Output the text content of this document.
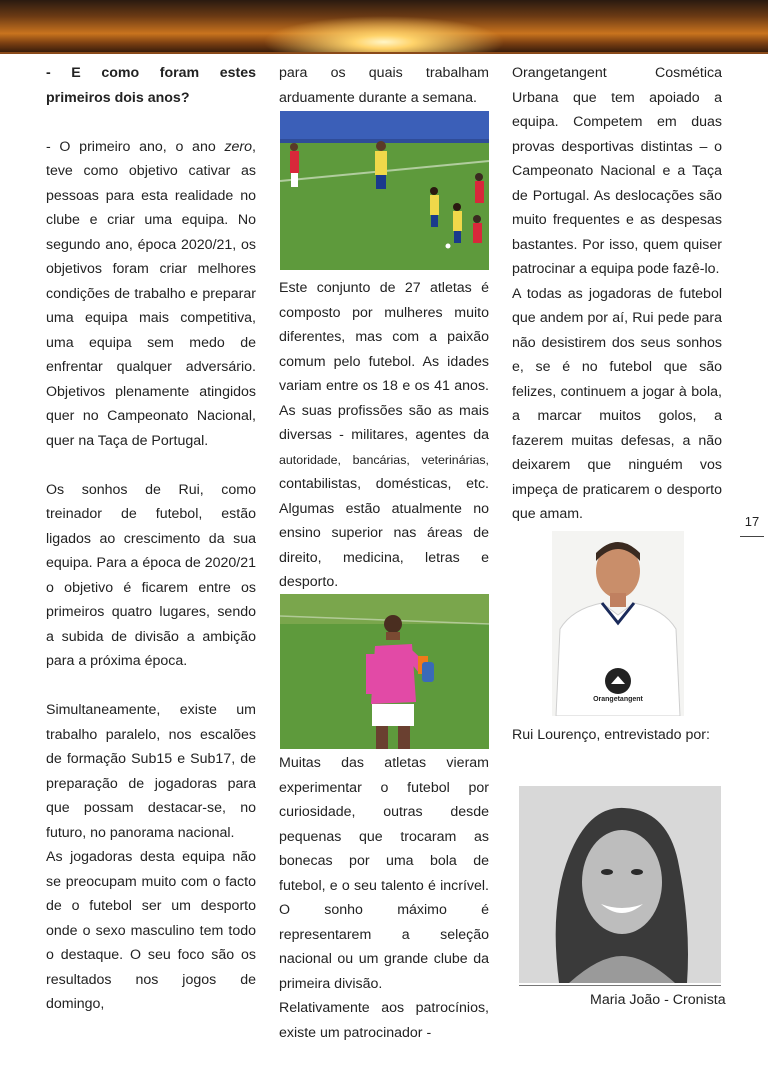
- E como foram estes primeiros dois anos?

- O primeiro ano, o ano zero, teve como objetivo cativar as pessoas para esta realidade no clube e criar uma equipa. No segundo ano, época 2020/21, os objetivos foram criar melhores condições de trabalho e preparar uma equipa mais competitiva, uma equipa sem medo de enfrentar qualquer adversário. Objetivos plenamente atingidos quer no Campeonato Nacional, quer na Taça de Portugal.

Os sonhos de Rui, como treinador de futebol, estão ligados ao crescimento da sua equipa. Para a época de 2020/21 o objetivo é ficarem entre os primeiros quatro lugares, sendo a subida de divisão a ambição para a próxima época.

Simultaneamente, existe um trabalho paralelo, nos escalões de formação Sub15 e Sub17, de preparação de jogadoras para que possam destacar-se, no futuro, no panorama nacional.

As jogadoras desta equipa não se preocupam muito com o facto de o futebol ser um desporto onde o sexo masculino tem todo o destaque. O seu foco são os resultados nos jogos de domingo,

para os quais trabalham arduamente durante a semana.

Este conjunto de 27 atletas é composto por mulheres muito diferentes, mas com a paixão comum pelo futebol. As idades variam entre os 18 e os 41 anos. As suas profissões são as mais diversas - militares, agentes da autoridade, bancárias, veterinárias, contabilistas, domésticas, etc. Algumas estão atualmente no ensino superior nas áreas de direito, medicina, letras e desporto.

Muitas das atletas vieram experimentar o futebol por curiosidade, outras desde pequenas que trocaram as bonecas por uma bola de futebol, e o seu talento é incrível. O sonho máximo é representarem a seleção nacional ou um grande clube da primeira divisão.

Relativamente aos patrocínios, existe um patrocinador -

Orangetangent Cosmética Urbana que tem apoiado a equipa. Competem em duas provas desportivas distintas – o Campeonato Nacional e a Taça de Portugal. As deslocações são muito frequentes e as despesas bastantes. Por isso, quem quiser patrocinar a equipa pode fazê-lo.

A todas as jogadoras de futebol que andem por aí, Rui pede para não desistirem dos seus sonhos e, se é no futebol que são felizes, continuem a jogar à bola, a marcar muitos golos, a fazerem muitas defesas, a não deixarem que ninguém vos impeça de praticarem o desporto que amam.	17
Orangetangent
Rui Lourenço, entrevistado por:
Maria João - Cronista
